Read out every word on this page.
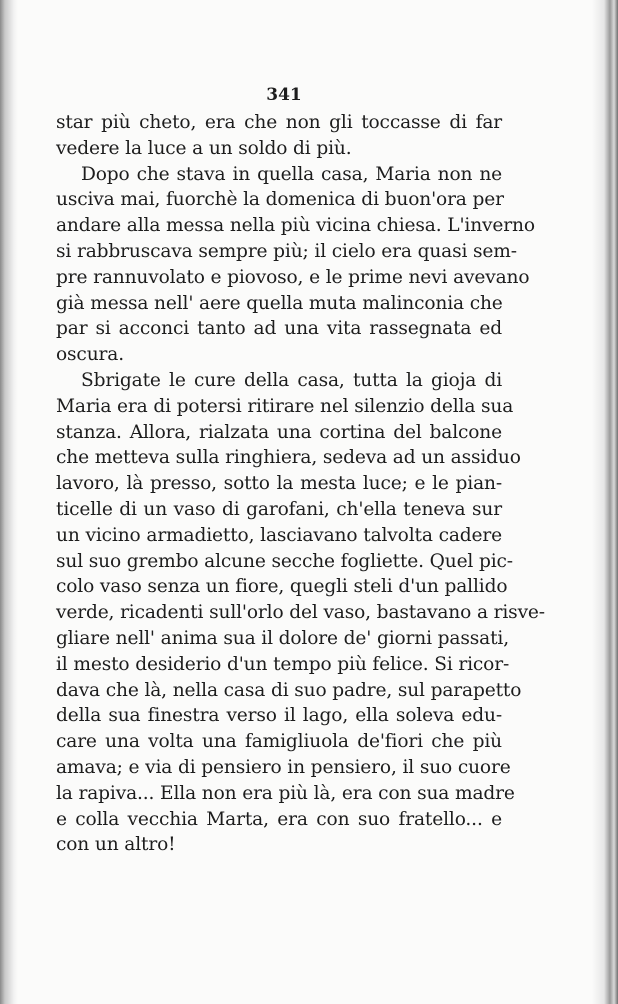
341
star più cheto, era che non gli toccasse di far
vedere la luce a un soldo di più.
Dopo che stava in quella casa, Maria non ne
usciva mai, fuorchè la domenica di buon'ora per
andare alla messa nella più vicina chiesa. L'inverno
si rabbruscava sempre più; il cielo era quasi sem-
pre rannuvolato e piovoso, e le prime nevi avevano
già messa nell' aere quella muta malinconia che
par si acconci tanto ad una vita rassegnata ed
oscura.
Sbrigate le cure della casa, tutta la gioja di
Maria era di potersi ritirare nel silenzio della sua
stanza. Allora, rialzata una cortina del balcone
che metteva sulla ringhiera, sedeva ad un assiduo
lavoro, là presso, sotto la mesta luce; e le pian-
ticelle di un vaso di garofani, ch'ella teneva sur
un vicino armadietto, lasciavano talvolta cadere
sul suo grembo alcune secche fogliette. Quel pic-
colo vaso senza un fiore, quegli steli d'un pallido
verde, ricadenti sull'orlo del vaso, bastavano a risve-
gliare nell' anima sua il dolore de' giorni passati,
il mesto desiderio d'un tempo più felice. Si ricor-
dava che là, nella casa di suo padre, sul parapetto
della sua finestra verso il lago, ella soleva edu-
care una volta una famigliuola de'fiori che più
amava; e via di pensiero in pensiero, il suo cuore
la rapiva... Ella non era più là, era con sua madre
e colla vecchia Marta, era con suo fratello... e
con un altro!
